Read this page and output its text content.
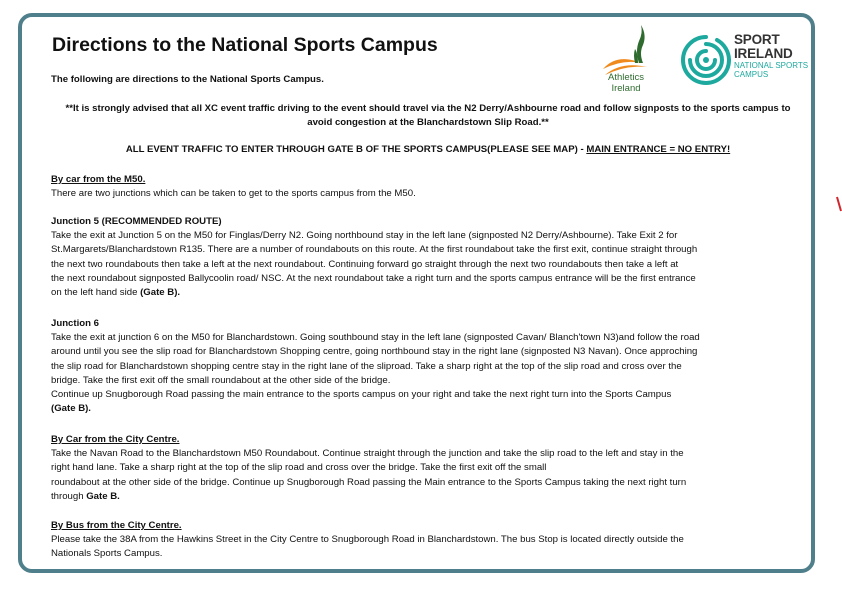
Directions to the National Sports Campus
Athletics
Ireland
SPORT
IRELAND
NATIONAL SPORTS
CAMPUS
The following are directions to the National Sports Campus.
**It is strongly advised that all XC event traffic driving to the event should travel via the N2 Derry/Ashbourne road and follow signposts to the sports campus to avoid congestion at the Blanchardstown Slip Road.**
ALL EVENT TRAFFIC TO ENTER THROUGH GATE B OF THE SPORTS CAMPUS(PLEASE SEE MAP) - MAIN ENTRANCE = NO ENTRY!

By car from the M50.

There are two junctions which can be taken to get to the sports campus from the M50.

Junction 5 (RECOMMENDED ROUTE)

Take the exit at Junction 5 on the M50 for Finglas/Derry N2. Going northbound stay in the left lane (signposted N2 Derry/Ashbourne). Take Exit 2 for

St.Margarets/Blanchardstown R135. There are a number of roundabouts on this route. At the first roundabout take the first exit, continue straight through

the next two roundabouts then take a left at the next roundabout. Continuing forward go straight through the next two roundabouts then take a left at

the next roundabout signposted Ballycoolin road/ NSC. At the next roundabout take a right turn and the sports campus entrance will be the first entrance

on the left hand side (Gate B).

Junction 6

Take the exit at junction 6 on the M50 for Blanchardstown. Going southbound stay in the left lane (signposted Cavan/ Blanch'town N3)and follow the road

around until you see the slip road for Blanchardstown Shopping centre, going northbound stay in the right lane (signposted N3 Navan). Once approching

the slip road for Blanchardstown shopping centre stay in the right lane of the sliproad. Take a sharp right at the top of the slip road and cross over the

bridge. Take the first exit off the small roundabout at the other side of the bridge.

Continue up Snugborough Road passing the main entrance to the sports campus on your right and take the next right turn into the Sports Campus

(Gate B).

By Car from the City Centre.

Take the Navan Road to the Blanchardstown M50 Roundabout. Continue straight through the junction and take the slip road to the left and stay in the

right hand lane. Take a sharp right at the top of the slip road and cross over the bridge. Take the first exit off the small

roundabout at the other side of the bridge. Continue up Snugborough Road passing the Main entrance to the Sports Campus taking the next right turn

through Gate B.

By Bus from the City Centre.

Please take the 38A from the Hawkins Street in the City Centre to Snugborough Road in Blanchardstown. The bus Stop is located directly outside the

Nationals Sports Campus.
